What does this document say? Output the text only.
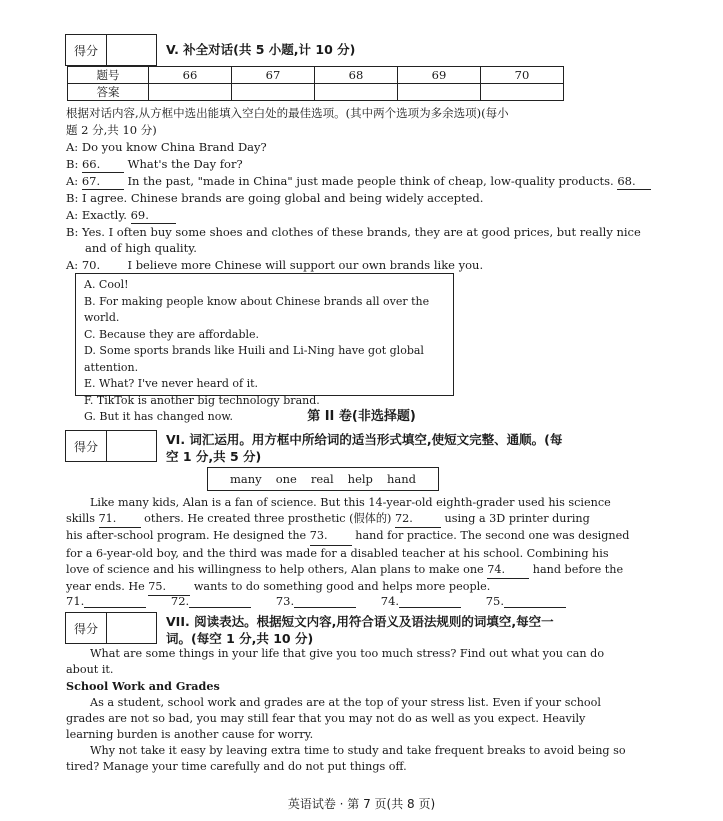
得分	V. 补全对话(共 5 小题,计 10 分)
题号	66	67	68	69	70
答案					
根据对话内容,从方框中选出能填入空白处的最佳选项。(其中两个选项为多余选项)(每小
题 2 分,共 10 分)
A: Do you know China Brand Day?
B: 66. What's the Day for?
A: 67. In the past, "made in China" just made people think of cheap, low-quality products. 68.
B: I agree. Chinese brands are going global and being widely accepted.
A: Exactly. 69.
B: Yes. I often buy some shoes and clothes of these brands, they are at good prices, but really nice
and of high quality.
A: 70. I believe more Chinese will support our own brands like you.
A. Cool!
B. For making people know about Chinese brands all over the world.
C. Because they are affordable.
D. Some sports brands like Huili and Li-Ning have got global attention.
E. What? I've never heard of it.
F. TikTok is another big technology brand.
G. But it has changed now.	第 II 卷(非选择题)
得分	VI. 词汇运用。用方框中所给词的适当形式填空,使短文完整、通顺。(每
空 1 分,共 5 分)
many one real help hand
Like many kids, Alan is a fan of science. But this 14-year-old eighth-grader used his science
skills 71. others. He created three prosthetic (假体的) 72.	using a 3D printer during
his after-school program. He designed the 73. hand for practice. The second one was designed
for a 6-year-old boy, and the third was made for a disabled teacher at his school. Combining his
love of science and his willingness to help others, Alan plans to make one 74. hand before the
year ends. He 75. wants to do something good and helps more people.
71.	72.	73.	74.	75.
得分	VII. 阅读表达。根据短文内容,用符合语义及语法规则的词填空,每空一
词。(每空 1 分,共 10 分)
What are some things in your life that give you too much stress? Find out what you can do
about it.
School Work and Grades
As a student, school work and grades are at the top of your stress list. Even if your school
grades are not so bad, you may still fear that you may not do as well as you expect. Heavily
learning burden is another cause for worry.
Why not take it easy by leaving extra time to study and take frequent breaks to avoid being so
tired? Manage your time carefully and do not put things off.
英语试卷 · 第 7 页(共 8 页)
